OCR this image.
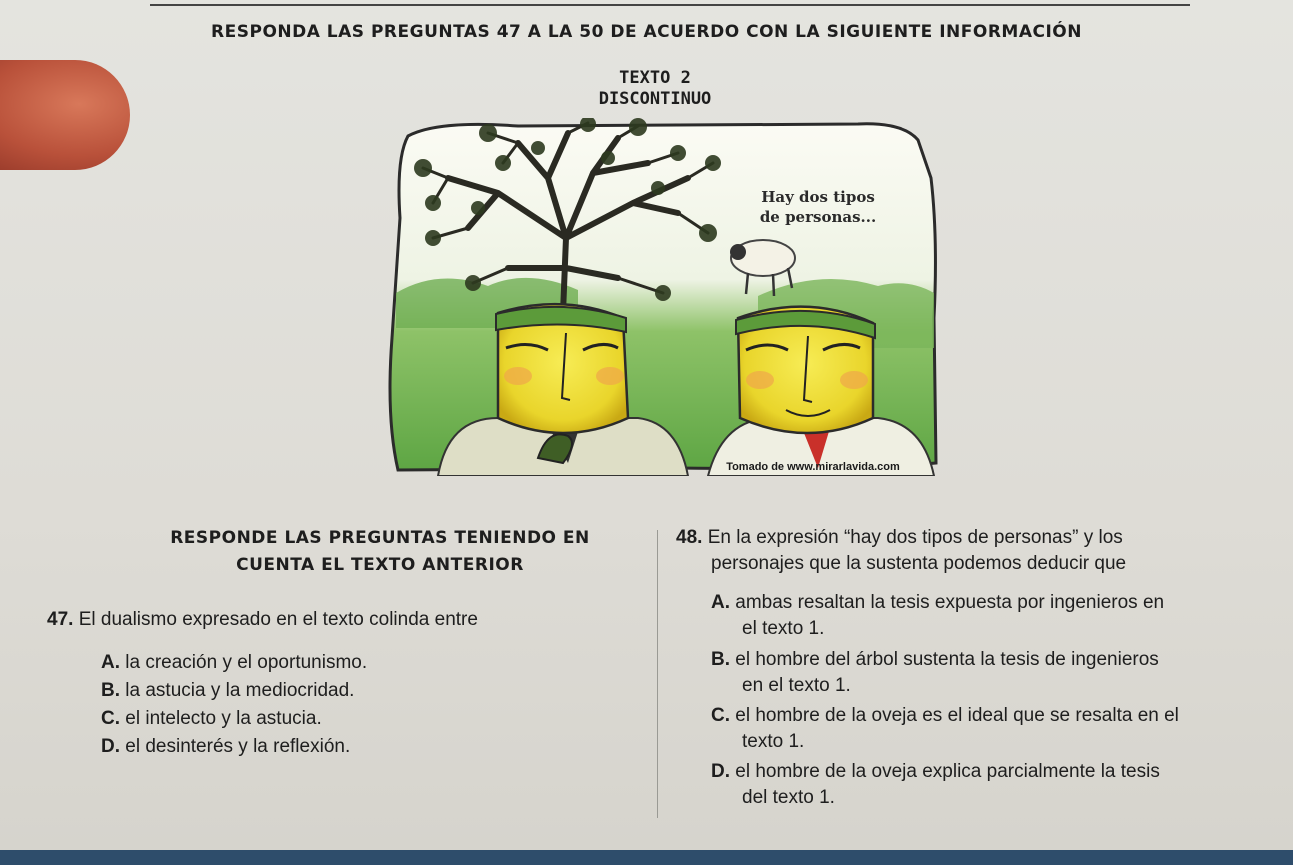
RESPONDA LAS PREGUNTAS 47 A LA 50 DE ACUERDO CON LA SIGUIENTE INFORMACIÓN
TEXTO 2
DISCONTINUO
Hay dos tipos
de personas...
Tomado de www.mirarlavida.com
RESPONDE LAS PREGUNTAS TENIENDO EN
CUENTA EL TEXTO ANTERIOR
47. El dualismo expresado en el texto colinda entre
A. la creación y el oportunismo.
B. la astucia y la mediocridad.
C. el intelecto y la astucia.
D. el desinterés y la reflexión.
48. En la expresión “hay dos tipos de personas” y los
personajes que la sustenta podemos deducir que
A. ambas resaltan la tesis expuesta por ingenieros en
el texto 1.
B. el hombre del árbol sustenta la tesis de ingenieros
en el texto 1.
C. el hombre de la oveja es el ideal que se resalta en el
texto 1.
D. el hombre de la oveja explica parcialmente la tesis
del texto 1.
